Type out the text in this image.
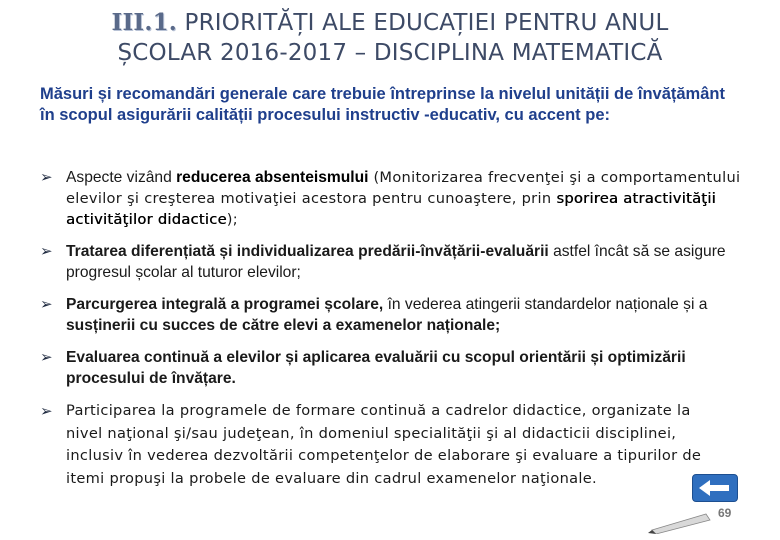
III.1. PRIORITĂȚI ALE EDUCAȚIEI PENTRU ANUL
ȘCOLAR 2016-2017 – DISCIPLINA MATEMATICĂ
Măsuri și recomandări generale care trebuie întreprinse la nivelul unității de învățământ în scopul asigurării calității procesului instructiv -educativ, cu accent pe:
➢ Aspecte vizând reducerea absenteismului (Monitorizarea frecvenţei şi a comportamentului elevilor şi creşterea motivaţiei acestora pentru cunoaştere, prin sporirea atractivităţii activităţilor didactice);
➢ Tratarea diferențiată și individualizarea predării-învățării-evaluării astfel încât să se asigure progresul școlar al tuturor elevilor;
➢ Parcurgerea integrală a programei școlare, în vederea atingerii standardelor naționale și a susținerii cu succes de către elevi a examenelor naționale;
➢ Evaluarea continuă a elevilor și aplicarea evaluării cu scopul orientării și optimizării procesului de învățare.
➢ Participarea la programele de formare continuă a cadrelor didactice, organizate la nivel naţional şi/sau judeţean, în domeniul specialităţii şi al didacticii disciplinei, inclusiv în vederea dezvoltării competenţelor de elaborare şi evaluare a tipurilor de itemi propuşi la probele de evaluare din cadrul examenelor naţionale.
69
